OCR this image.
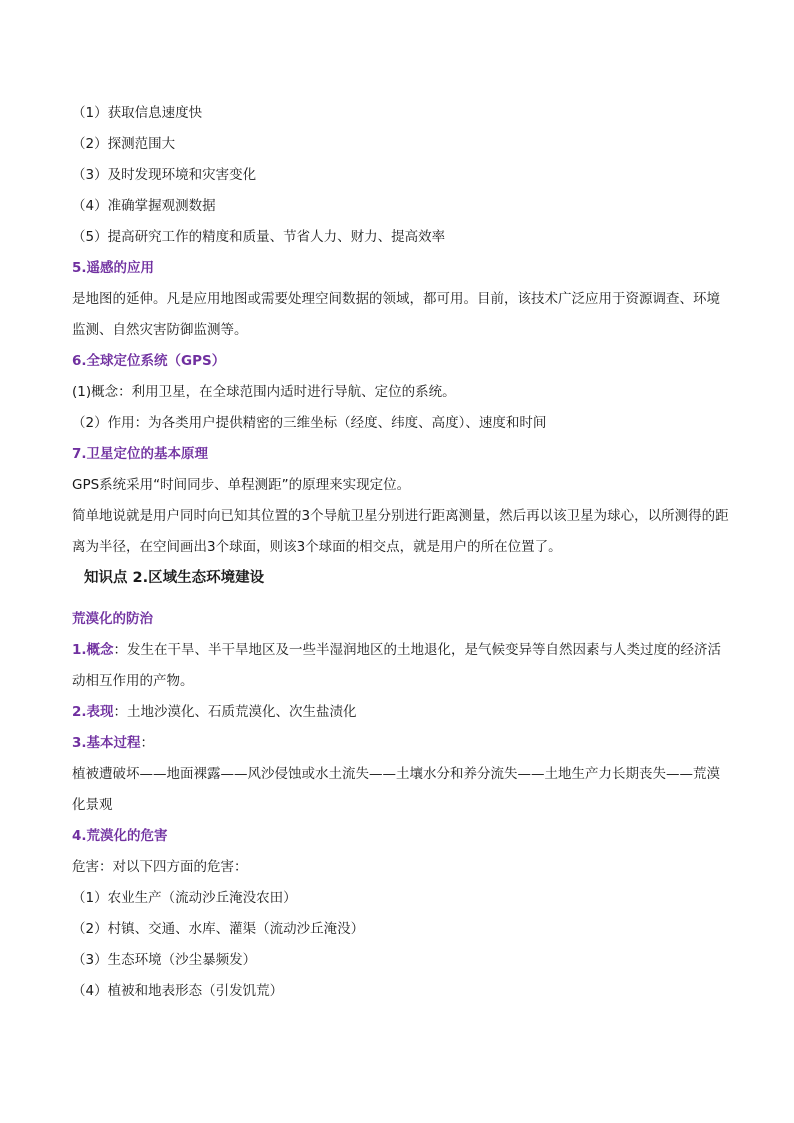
（1）获取信息速度快
（2）探测范围大
（3）及时发现环境和灾害变化
（4）准确掌握观测数据
（5）提高研究工作的精度和质量、节省人力、财力、提高效率
5.遥感的应用
是地图的延伸。凡是应用地图或需要处理空间数据的领域，都可用。目前，该技术广泛应用于资源调查、环境监测、自然灾害防御监测等。
6.全球定位系统（GPS）
(1)概念：利用卫星，在全球范围内适时进行导航、定位的系统。
（2）作用：为各类用户提供精密的三维坐标（经度、纬度、高度）、速度和时间
7.卫星定位的基本原理
GPS系统采用“时间同步、单程测距”的原理来实现定位。
简单地说就是用户同时向已知其位置的3个导航卫星分别进行距离测量，然后再以该卫星为球心，以所测得的距离为半径，在空间画出3个球面，则该3个球面的相交点，就是用户的所在位置了。
知识点 2.区域生态环境建设
荒漠化的防治
1.概念：发生在干旱、半干旱地区及一些半湿润地区的土地退化，是气候变异等自然因素与人类过度的经济活动相互作用的产物。
2.表现：土地沙漠化、石质荒漠化、次生盐渍化
3.基本过程：
植被遭破坏——地面裸露——风沙侵蚀或水土流失——土壤水分和养分流失——土地生产力长期丧失——荒漠化景观
4.荒漠化的危害
危害：对以下四方面的危害：
（1）农业生产（流动沙丘淹没农田）
（2）村镇、交通、水库、灌渠（流动沙丘淹没）
（3）生态环境（沙尘暴频发）
（4）植被和地表形态（引发饥荒）
